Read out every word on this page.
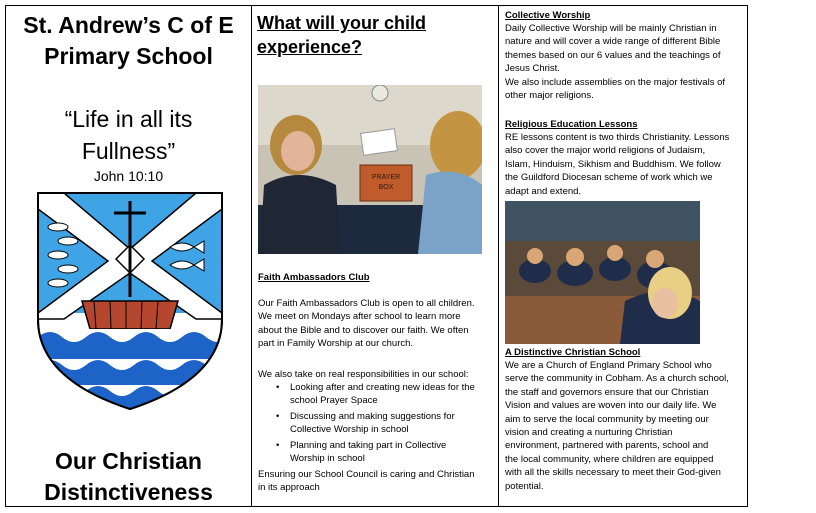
St. Andrew’s C of E
Primary School
“Life in all its
Fullness”
John 10:10
Our Christian
Distinctiveness
What will your child
experience?
PRAYER
BOX
Faith Ambassadors Club
Our Faith Ambassadors Club is open to all children.
We meet on Mondays after school to learn more
about the Bible and to discover our faith. We often
part in Family Worship at our church.
We also take on real responsibilities in our school:
• Looking after and creating new ideas for the
school Prayer Space
• Discussing and making suggestions for
Collective Worship in school
• Planning and taking part in Collective
Worship in school
Ensuring our School Council is caring and Christian
in its approach
Collective Worship
Daily Collective Worship will be mainly Christian in
nature and will cover a wide range of different Bible
themes based on our 6 values and the teachings of
Jesus Christ.
We also include assemblies on the major festivals of
other major religions.
Religious Education Lessons
RE lessons content is two thirds Christianity. Lessons
also cover the major world religions of Judaism,
Islam, Hinduism, Sikhism and Buddhism. We follow
the Guildford Diocesan scheme of work which we
adapt and extend.
A Distinctive Christian School
We are a Church of England Primary School who
serve the community in Cobham. As a church school,
the staff and governors ensure that our Christian
Vision and values are woven into our daily life. We
aim to serve the local community by meeting our
vision and creating a nurturing Christian
environment, partnered with parents, school and
the local community, where children are equipped
with all the skills necessary to meet their God-given
potential.
